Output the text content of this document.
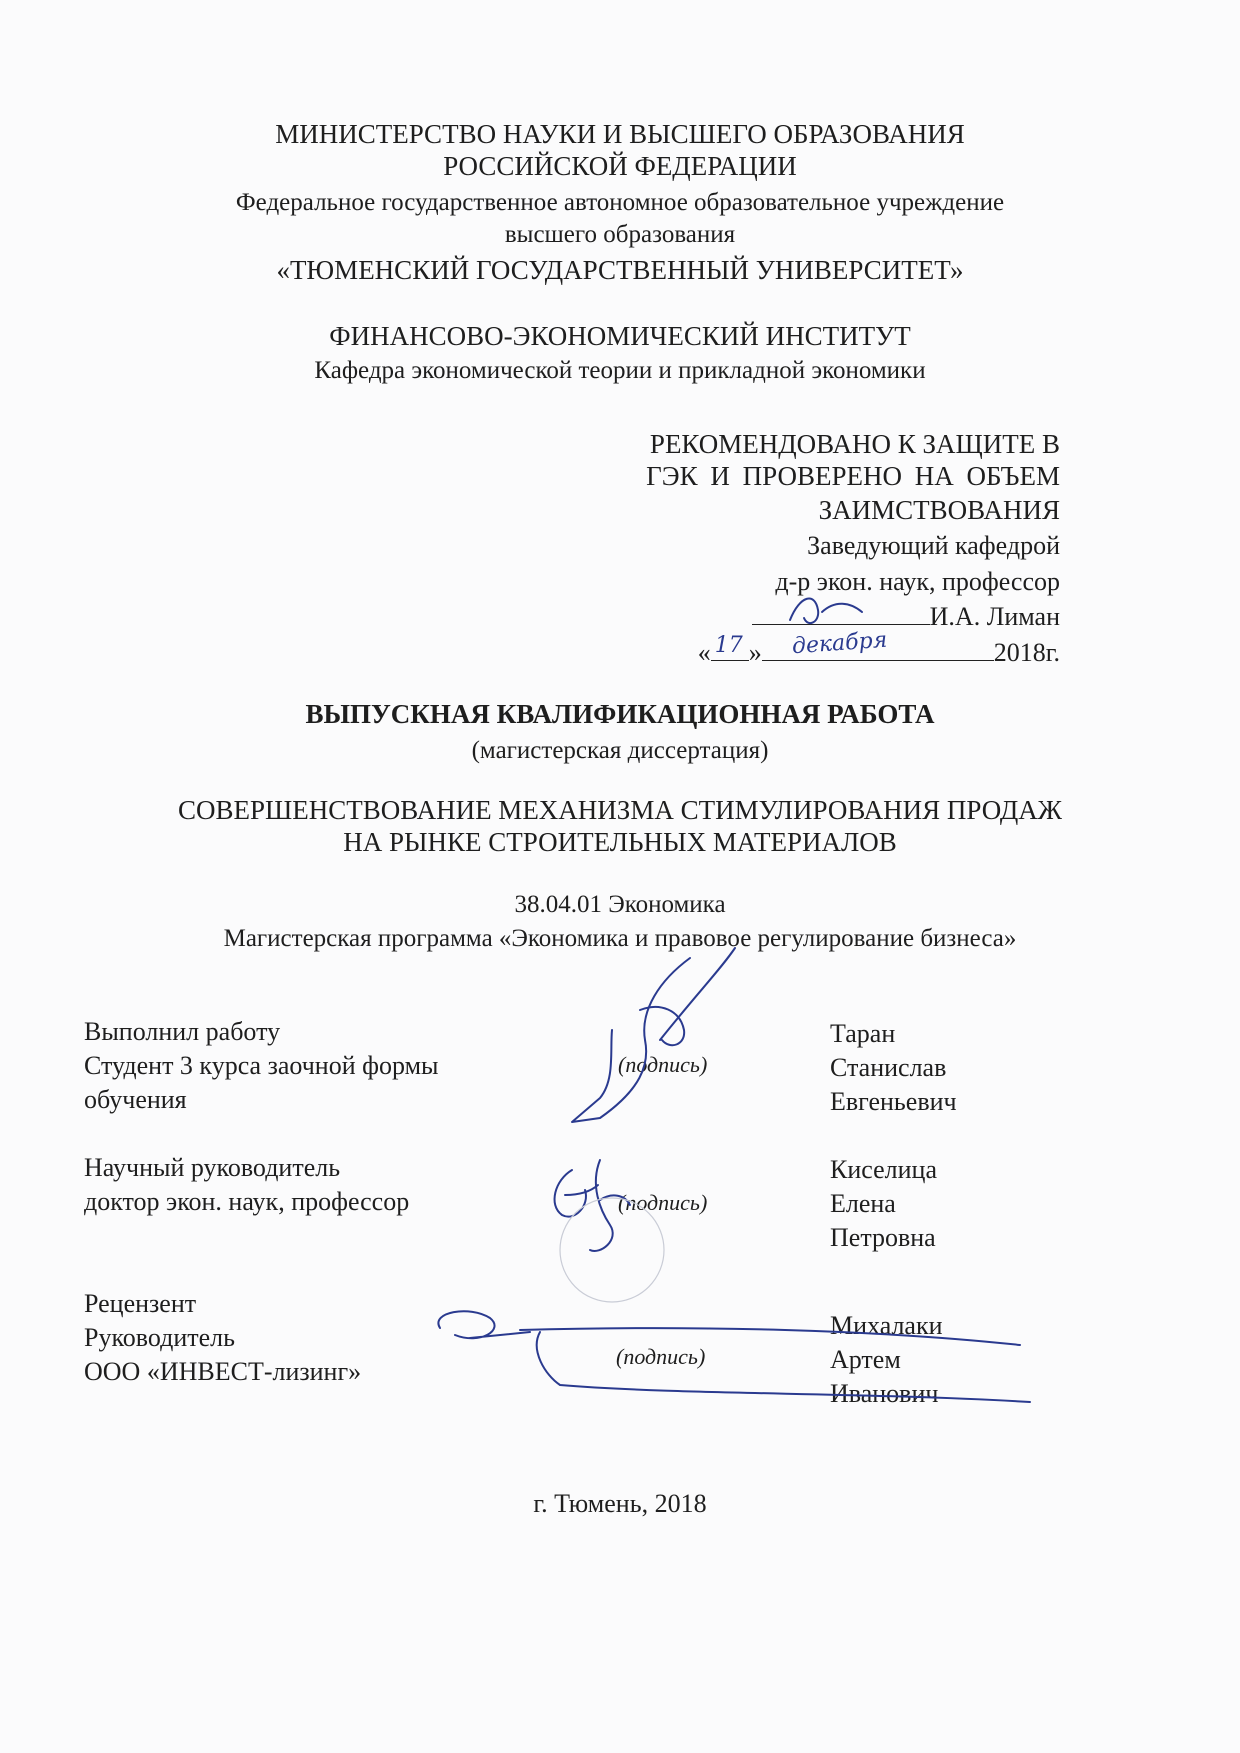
МИНИСТЕРСТВО НАУКИ И ВЫСШЕГО ОБРАЗОВАНИЯ
РОССИЙСКОЙ ФЕДЕРАЦИИ
Федеральное государственное автономное образовательное учреждение
высшего образования
«ТЮМЕНСКИЙ ГОСУДАРСТВЕННЫЙ УНИВЕРСИТЕТ»
ФИНАНСОВО-ЭКОНОМИЧЕСКИЙ ИНСТИТУТ
Кафедра экономической теории и прикладной экономики
РЕКОМЕНДОВАНО К ЗАЩИТЕ В
ГЭК И ПРОВЕРЕНО НА ОБЪЕМ
ЗАИМСТВОВАНИЯ
Заведующий кафедрой
д-р экон. наук, профессор
И.А. Лиман
« 17 » декабря	2018г.
ВЫПУСКНАЯ КВАЛИФИКАЦИОННАЯ РАБОТА
(магистерская диссертация)
СОВЕРШЕНСТВОВАНИЕ МЕХАНИЗМА СТИМУЛИРОВАНИЯ ПРОДАЖ
НА РЫНКЕ СТРОИТЕЛЬНЫХ МАТЕРИАЛОВ
38.04.01 Экономика
Магистерская программа «Экономика и правовое регулирование бизнеса»
Выполнил работу
Студент 3 курса заочной формы
обучения
(подпись)
Таран
Станислав
Евгеньевич
Научный руководитель
доктор экон. наук, профессор	(подпись)
Киселица
Елена
Петровна
Рецензент
Руководитель
ООО «ИНВЕСТ-лизинг»
(подпись)
Михалаки
Артем
Иванович
г. Тюмень, 2018
